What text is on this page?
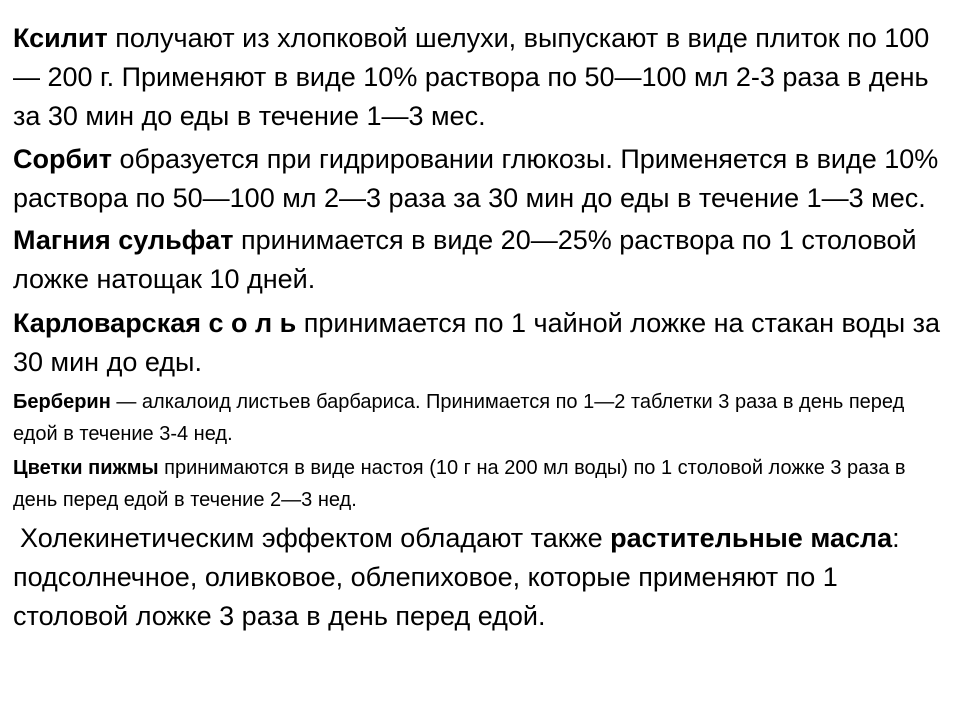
Ксилит получают из хлопковой шелухи, выпускают в виде плиток по 100— 200 г. Применяют в виде 10% раствора по 50—100 мл 2-3 раза в день за 30 мин до еды в течение 1—3 мес.

Сорбит образуется при гидрировании глюкозы. Применяется в виде 10% раствора по 50—100 мл 2—3 раза за 30 мин до еды в течение 1—3 мес.

Магния сульфат принимается в виде 20—25% раствора по 1 столовой ложке натощак 10 дней.

Карловарская с о л ь принимается по 1 чайной ложке на стакан воды за 30 мин до еды.

Берберин — алкалоид листьев барбариса. Принимается по 1—2 таблетки 3 раза в день перед едой в течение 3-4 нед.

Цветки пижмы принимаются в виде настоя (10 г на 200 мл воды) по 1 столовой ложке 3 раза в день перед едой в течение 2—3 нед.

Холекинетическим эффектом обладают также растительные масла: подсолнечное, оливковое, облепиховое, которые применяют по 1 столовой ложке 3 раза в день перед едой.
